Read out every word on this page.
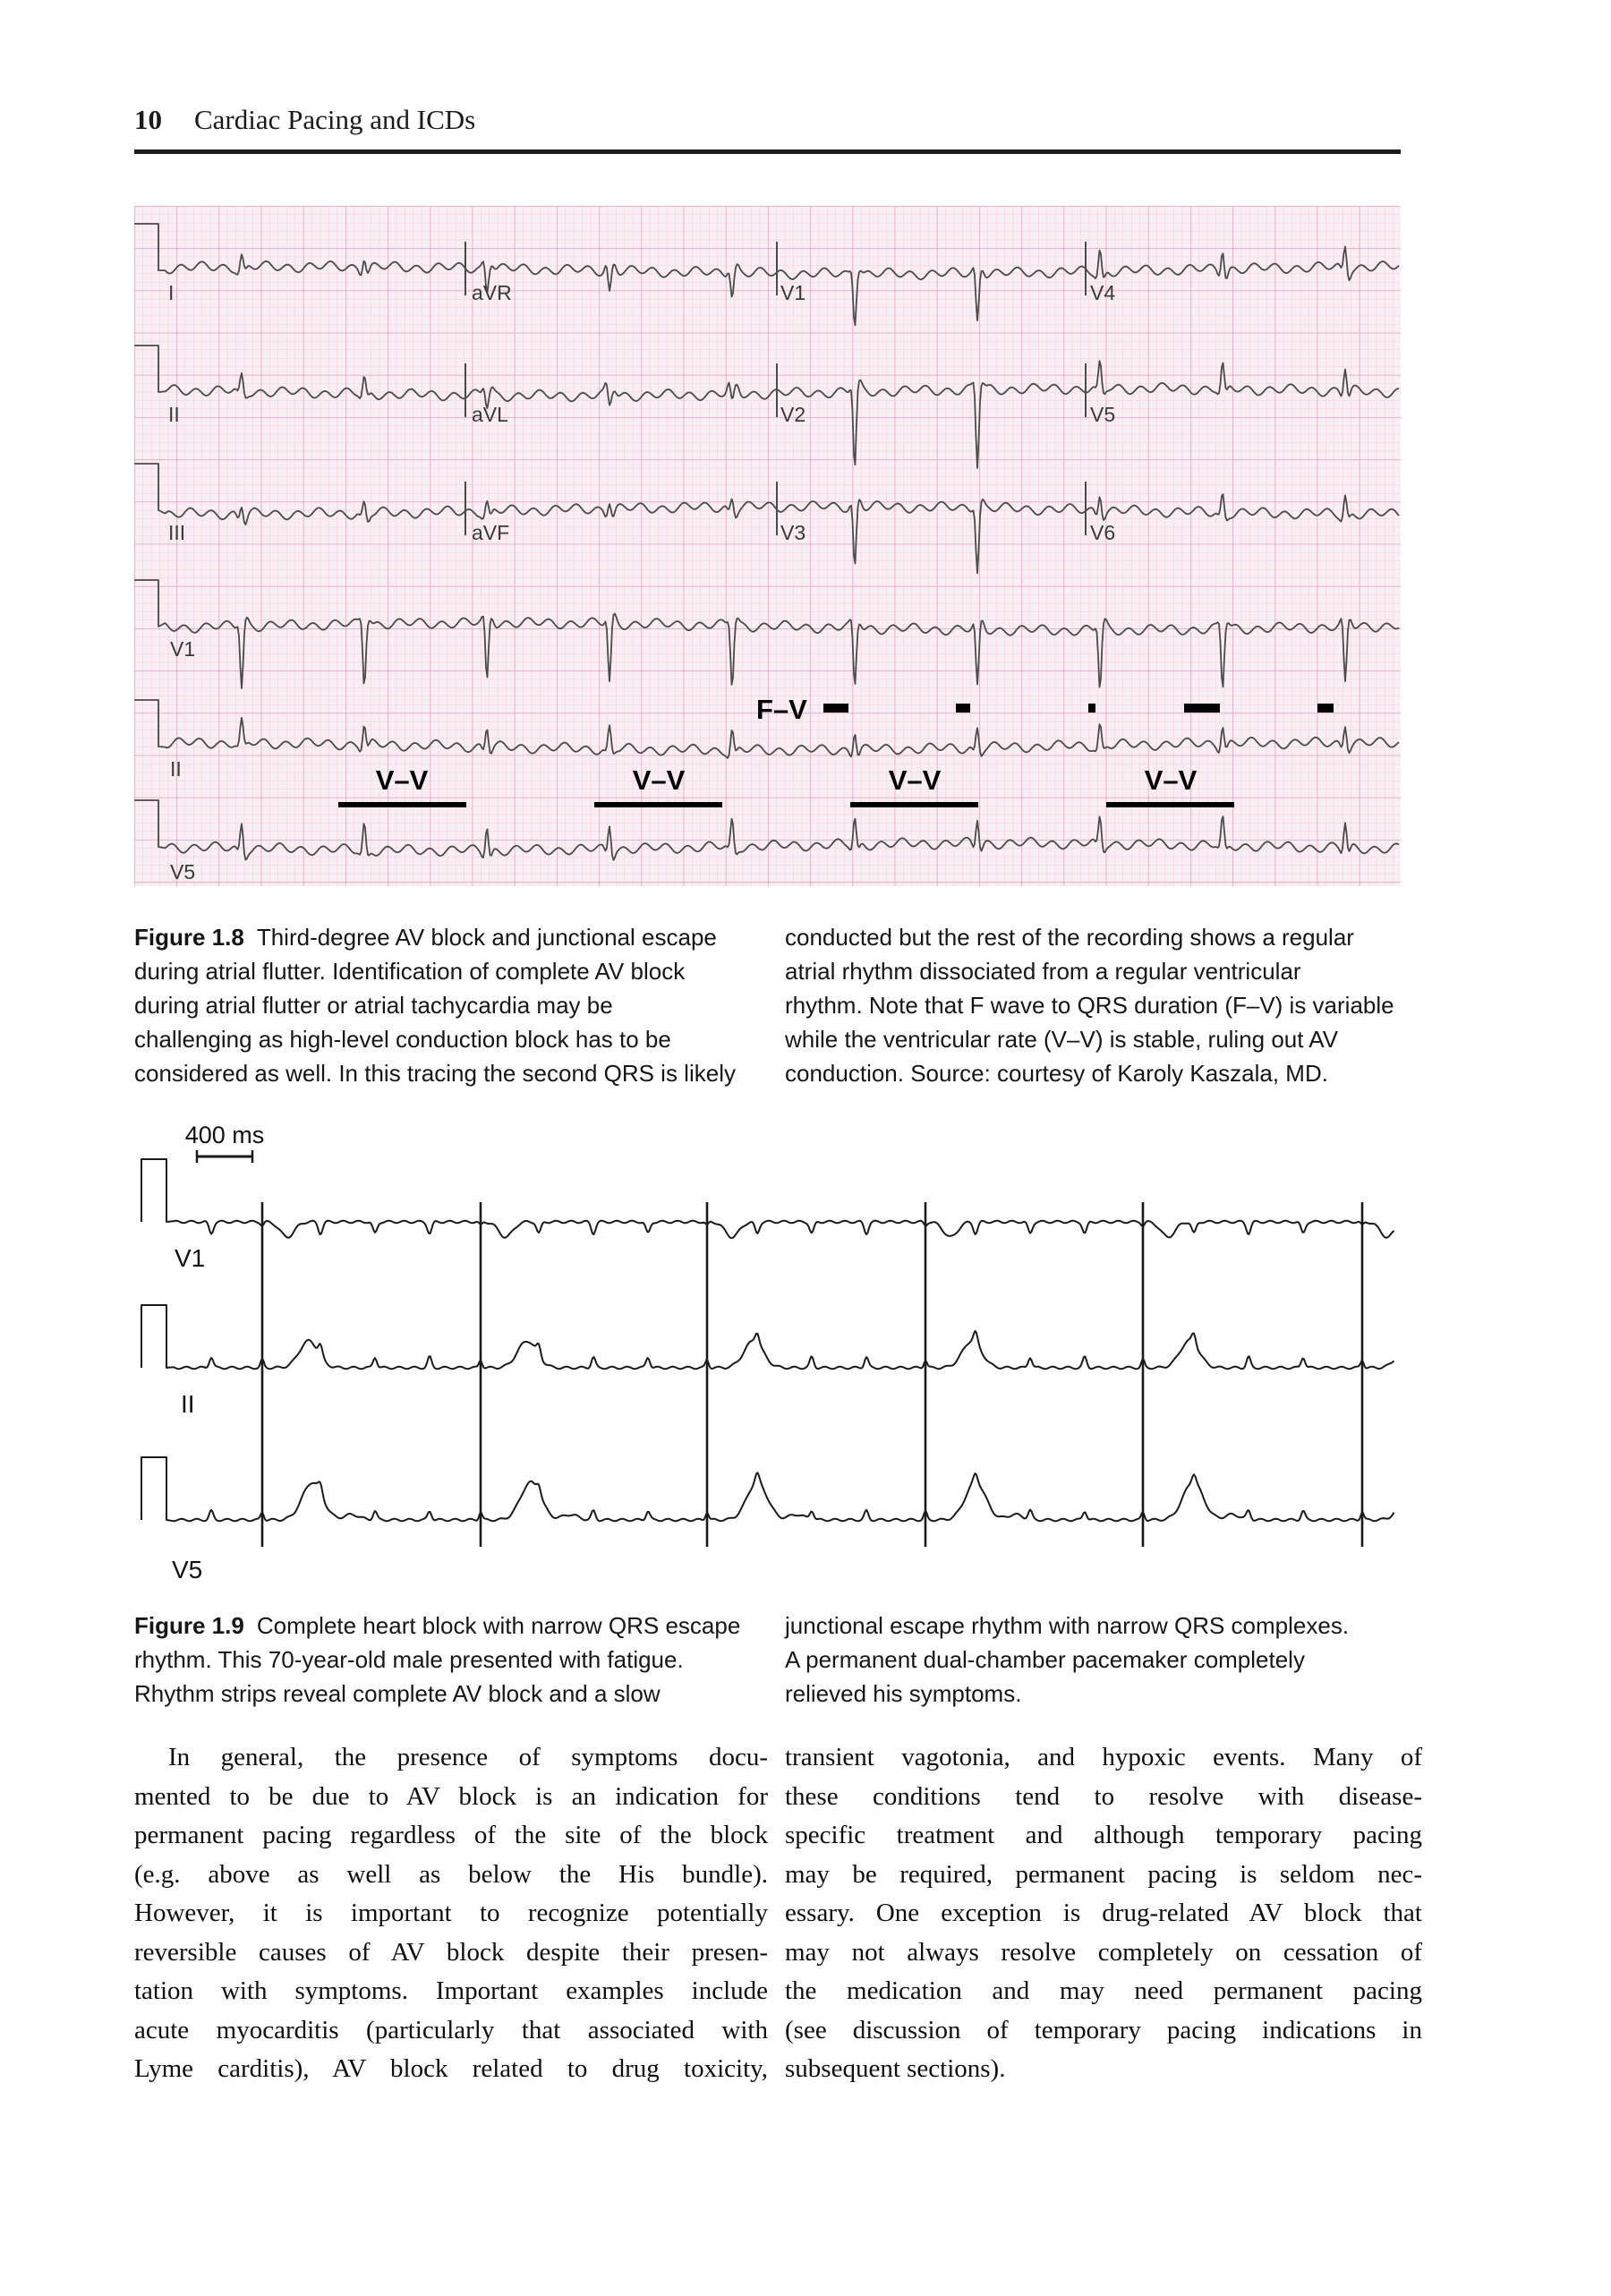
10 Cardiac Pacing and ICDs
I	aVR	V1	V4
II	aVL	V2	V5
III	aVF	V3	V6
V1
II
V5
F–V
V–V	V–V	V–V	V–V
Figure 1.8 Third-degree AV block and junctional escape
during atrial flutter. Identification of complete AV block
during atrial flutter or atrial tachycardia may be
challenging as high-level conduction block has to be
considered as well. In this tracing the second QRS is likely
conducted but the rest of the recording shows a regular
atrial rhythm dissociated from a regular ventricular
rhythm. Note that F wave to QRS duration (F–V) is variable
while the ventricular rate (V–V) is stable, ruling out AV
conduction. Source: courtesy of Karoly Kaszala, MD.
V1
II
V5
400 ms
Figure 1.9 Complete heart block with narrow QRS escape
rhythm. This 70-year-old male presented with fatigue.
Rhythm strips reveal complete AV block and a slow
junctional escape rhythm with narrow QRS complexes.
A permanent dual-chamber pacemaker completely
relieved his symptoms.
In general, the presence of symptoms docu-
mented to be due to AV block is an indication for
permanent pacing regardless of the site of the block
(e.g. above as well as below the His bundle).
However, it is important to recognize potentially
reversible causes of AV block despite their presen-
tation with symptoms. Important examples include
acute myocarditis (particularly that associated with
Lyme carditis), AV block related to drug toxicity,
transient vagotonia, and hypoxic events. Many of
these conditions tend to resolve with disease-
specific treatment and although temporary pacing
may be required, permanent pacing is seldom nec-
essary. One exception is drug-related AV block that
may not always resolve completely on cessation of
the medication and may need permanent pacing
(see discussion of temporary pacing indications in
subsequent sections).
